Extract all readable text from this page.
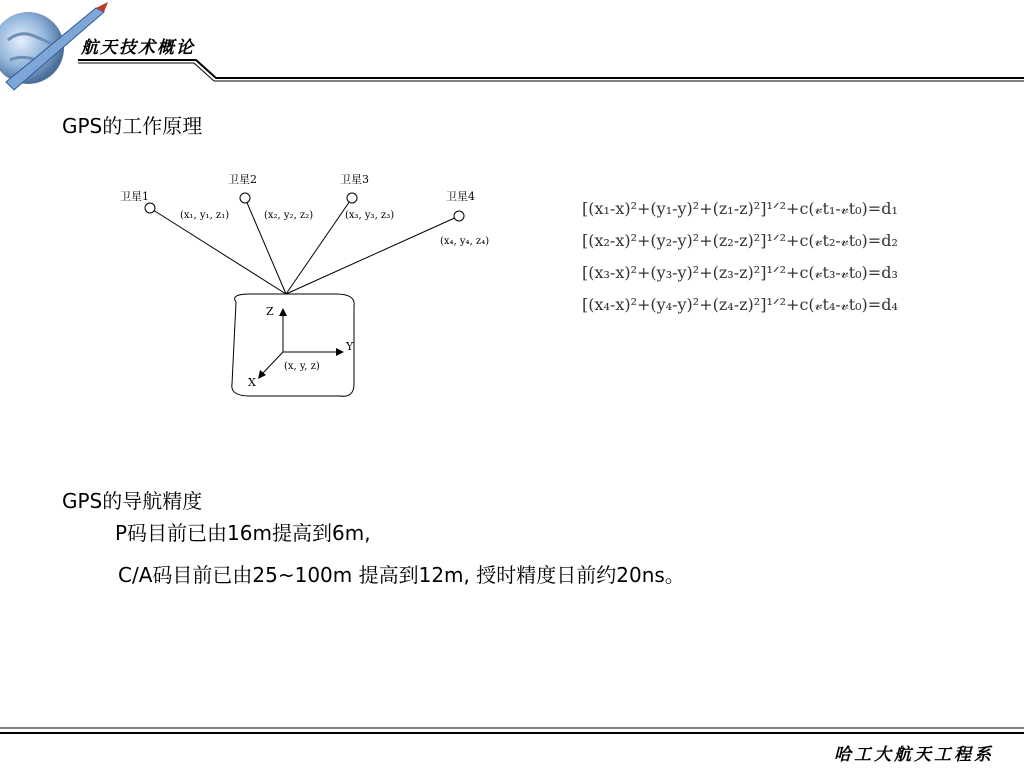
航天技术概论
GPS的工作原理
卫星1
卫星2	卫星3
卫星4
(x₁, y₁, z₁)	(x₂, y₂, z₂)	(x₃, y₃, z₃)
(x₄, y₄, z₄)
Z
Y
X
(x, y, z)
[(x₁-x)²+(y₁-y)²+(z₁-z)²]¹ᐟ²+c(𝓋t₁-𝓋t₀)=d₁
[(x₂-x)²+(y₂-y)²+(z₂-z)²]¹ᐟ²+c(𝓋t₂-𝓋t₀)=d₂
[(x₃-x)²+(y₃-y)²+(z₃-z)²]¹ᐟ²+c(𝓋t₃-𝓋t₀)=d₃
[(x₄-x)²+(y₄-y)²+(z₄-z)²]¹ᐟ²+c(𝓋t₄-𝓋t₀)=d₄
GPS的导航精度
P码目前已由16m提高到6m,
C/A码目前已由25~100m 提高到12m, 授时精度日前约20ns。
哈工大航天工程系
